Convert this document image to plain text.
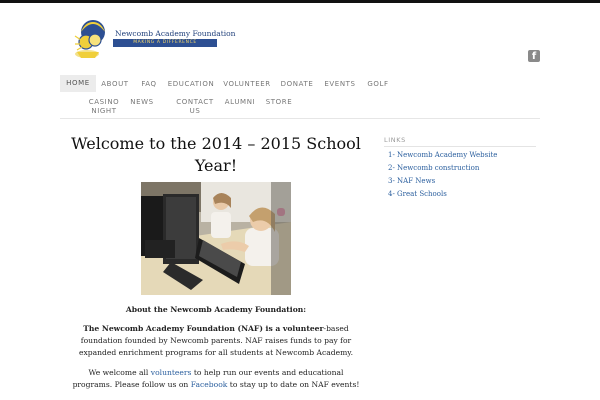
Newcomb Academy Foundation
MAKING A DIFFERENCE
f
HOME	ABOUT	FAQ	EDUCATION VOLUNTEER	DONATE	EVENTS	GOLF
CASINO
NIGHT
NEWS	CONTACT
US
ALUMNI STORE
Welcome to the 2014 – 2015 School
Year!
About the Newcomb Academy Foundation:
The Newcomb Academy Foundation (NAF) is a volunteer-based foundation founded by Newcomb parents. NAF raises funds to pay for expanded enrichment programs for all students at Newcomb Academy.
We welcome all volunteers to help run our events and educational programs. Please follow us on Facebook to stay up to date on NAF events!
LINKS
1- Newcomb Academy Website
2- Newcomb construction
3- NAF News
4- Great Schools
